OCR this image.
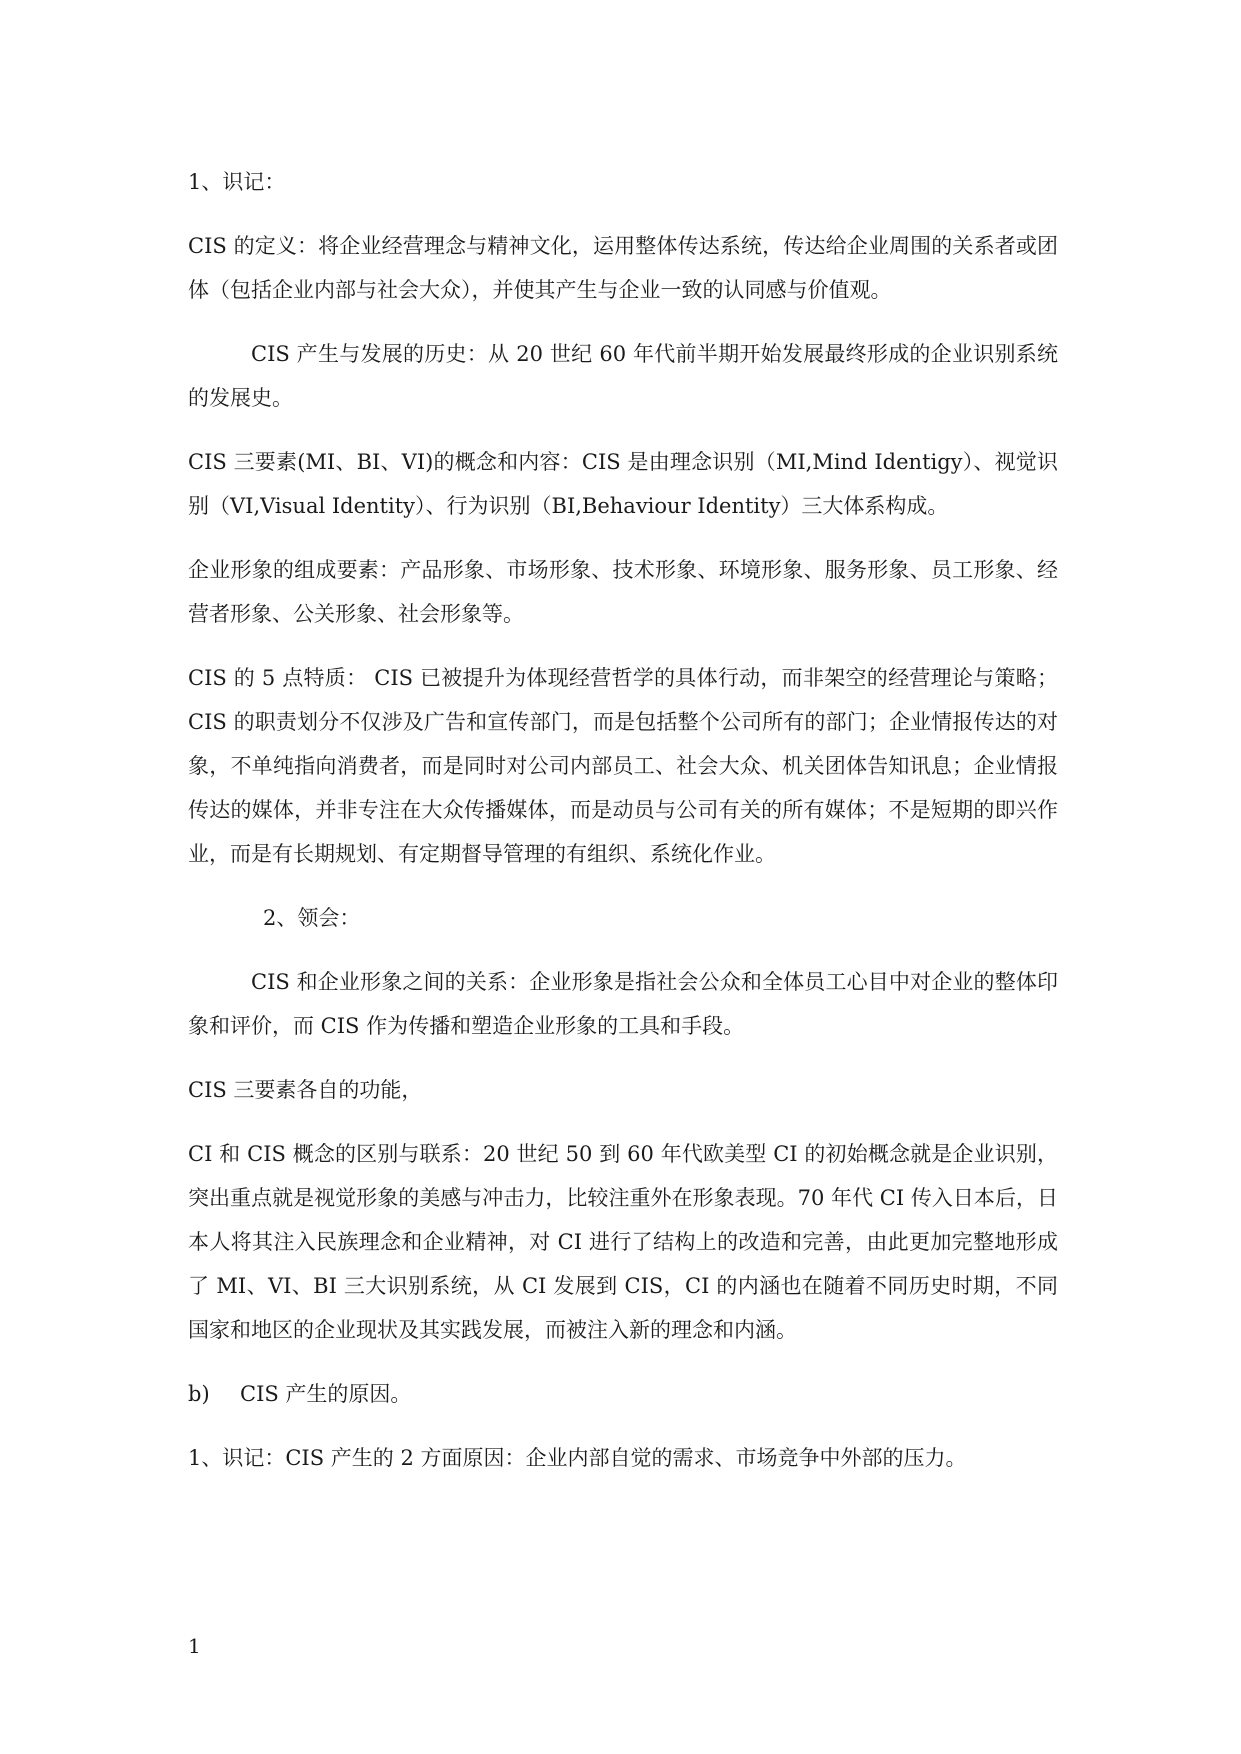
1、识记：

CIS 的定义：将企业经营理念与精神文化，运用整体传达系统，传达给企业周围的关系者或团体（包括企业内部与社会大众），并使其产生与企业一致的认同感与价值观。

CIS 产生与发展的历史：从 20 世纪 60 年代前半期开始发展最终形成的企业识别系统的发展史。

CIS 三要素(MI、BI、VI)的概念和内容：CIS 是由理念识别（MI,Mind Identigy）、视觉识别（VI,Visual Identity）、行为识别（BI,Behaviour Identity）三大体系构成。

企业形象的组成要素：产品形象、市场形象、技术形象、环境形象、服务形象、员工形象、经营者形象、公关形象、社会形象等。

CIS 的 5 点特质： CIS 已被提升为体现经营哲学的具体行动，而非架空的经营理论与策略；CIS 的职责划分不仅涉及广告和宣传部门，而是包括整个公司所有的部门；企业情报传达的对象，不单纯指向消费者，而是同时对公司内部员工、社会大众、机关团体告知讯息；企业情报传达的媒体，并非专注在大众传播媒体，而是动员与公司有关的所有媒体；不是短期的即兴作业，而是有长期规划、有定期督导管理的有组织、系统化作业。

2、领会：

CIS 和企业形象之间的关系：企业形象是指社会公众和全体员工心目中对企业的整体印象和评价，而 CIS 作为传播和塑造企业形象的工具和手段。

CIS 三要素各自的功能，

CI 和 CIS 概念的区别与联系：20 世纪 50 到 60 年代欧美型 CI 的初始概念就是企业识别，突出重点就是视觉形象的美感与冲击力，比较注重外在形象表现。70 年代 CI 传入日本后，日本人将其注入民族理念和企业精神，对 CI 进行了结构上的改造和完善，由此更加完整地形成了 MI、VI、BI 三大识别系统，从 CI 发展到 CIS，CI 的内涵也在随着不同历史时期，不同国家和地区的企业现状及其实践发展，而被注入新的理念和内涵。

b) CIS 产生的原因。

1、识记：CIS 产生的 2 方面原因：企业内部自觉的需求、市场竞争中外部的压力。

1
